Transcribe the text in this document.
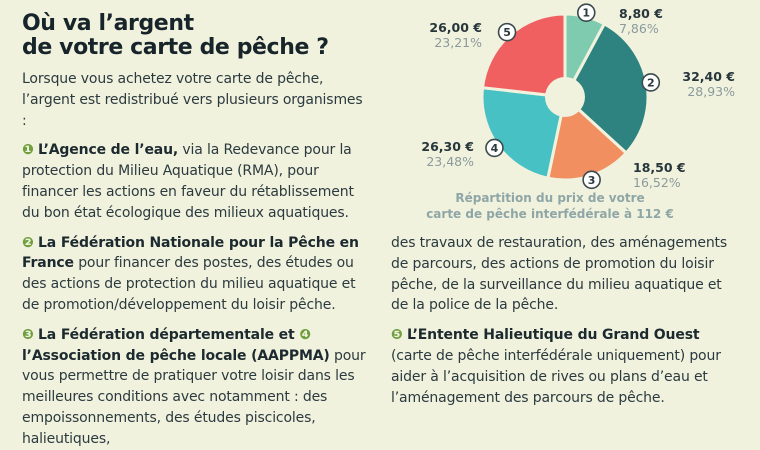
Où va l’argent
de votre carte de pêche ?

Lorsque vous achetez votre carte de pêche, l’argent est redistribué vers plusieurs organismes :

❶ L’Agence de l’eau, via la Redevance pour la protection du Milieu Aquatique (RMA), pour financer les actions en faveur du rétablissement du bon état écologique des milieux aquatiques.

❷ La Fédération Nationale pour la Pêche en France pour financer des postes, des études ou des actions de protection du milieu aquatique et de promotion/développement du loisir pêche.

❸ La Fédération départementale et ❹ l’Association de pêche locale (AAPPMA) pour vous permettre de pratiquer votre loisir dans les meilleures conditions avec notamment : des empoissonnements, des études piscicoles, halieutiques,

des travaux de restauration, des aménagements de parcours, des actions de promotion du loisir pêche, de la surveillance du milieu aquatique et de la police de la pêche.

❺ L’Entente Halieutique du Grand Ouest (carte de pêche interfédérale uniquement) pour aider à l’acquisition de rives ou plans d’eau et l’aménagement des parcours de pêche.

1
2
3
4
5
Répartition du prix de votre
carte de pêche interfédérale à 112 €
8,80 €
7,86%
32,40 €
28,93%
18,50 €
16,52%
26,30 €
23,48%
26,00 €
23,21%
